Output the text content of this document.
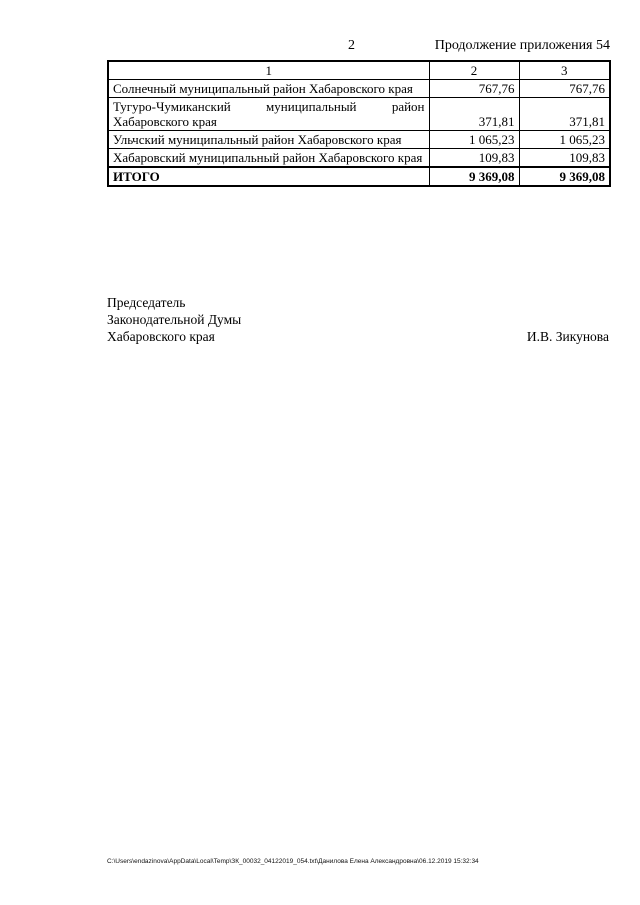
2	Продолжение приложения 54
1	2	3
Солнечный муниципальный район Хабаровского края	767,76	767,76
Тугуро-Чумиканский муниципальный район Хабаровского края	371,81	371,81
Ульчский муниципальный район Хабаровского края	1 065,23	1 065,23
Хабаровский муниципальный район Хабаровского края	109,83	109,83
ИТОГО	9 369,08	9 369,08
Председатель
Законодательной Думы
Хабаровского края	И.В. Зикунова
C:\Users\endazinova\AppData\Local\Temp\ЗК_00032_04122019_054.txt\Данилова Елена Александровна\06.12.2019 15:32:34
